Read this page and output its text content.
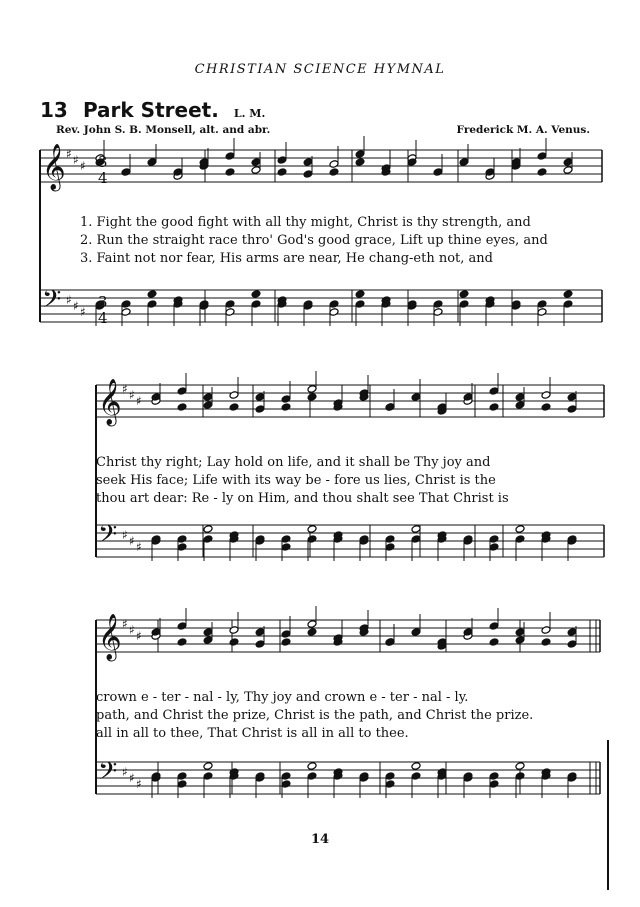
CHRISTIAN SCIENCE HYMNAL
13 Park Street. L. M.
Rev. John S. B. Monsell, alt. and abr.	Frederick M. A. Venus.
𝄞 ♯ ♯ ♯
𝄢 ♯ ♯ ♯
𝄞 ♯ ♯ ♯
𝄢 ♯ ♯ ♯
𝄞 ♯ ♯ ♯
𝄢 ♯ ♯ ♯
3
4
3
4
1. Fight the good fight with all thy might, Christ is thy strength, and
2. Run the straight race thro' God's good grace, Lift up thine eyes, and
3. Faint not nor fear, His arms are near, He chang-eth not, and
Christ thy right; Lay hold on life, and it shall be Thy joy and
seek His face; Life with its way be - fore us lies, Christ is the
thou art dear: Re - ly on Him, and thou shalt see That Christ is
crown e - ter - nal - ly, Thy joy and crown e - ter - nal - ly.
path, and Christ the prize, Christ is the path, and Christ the prize.
all in all to thee, That Christ is all in all to thee.
14
